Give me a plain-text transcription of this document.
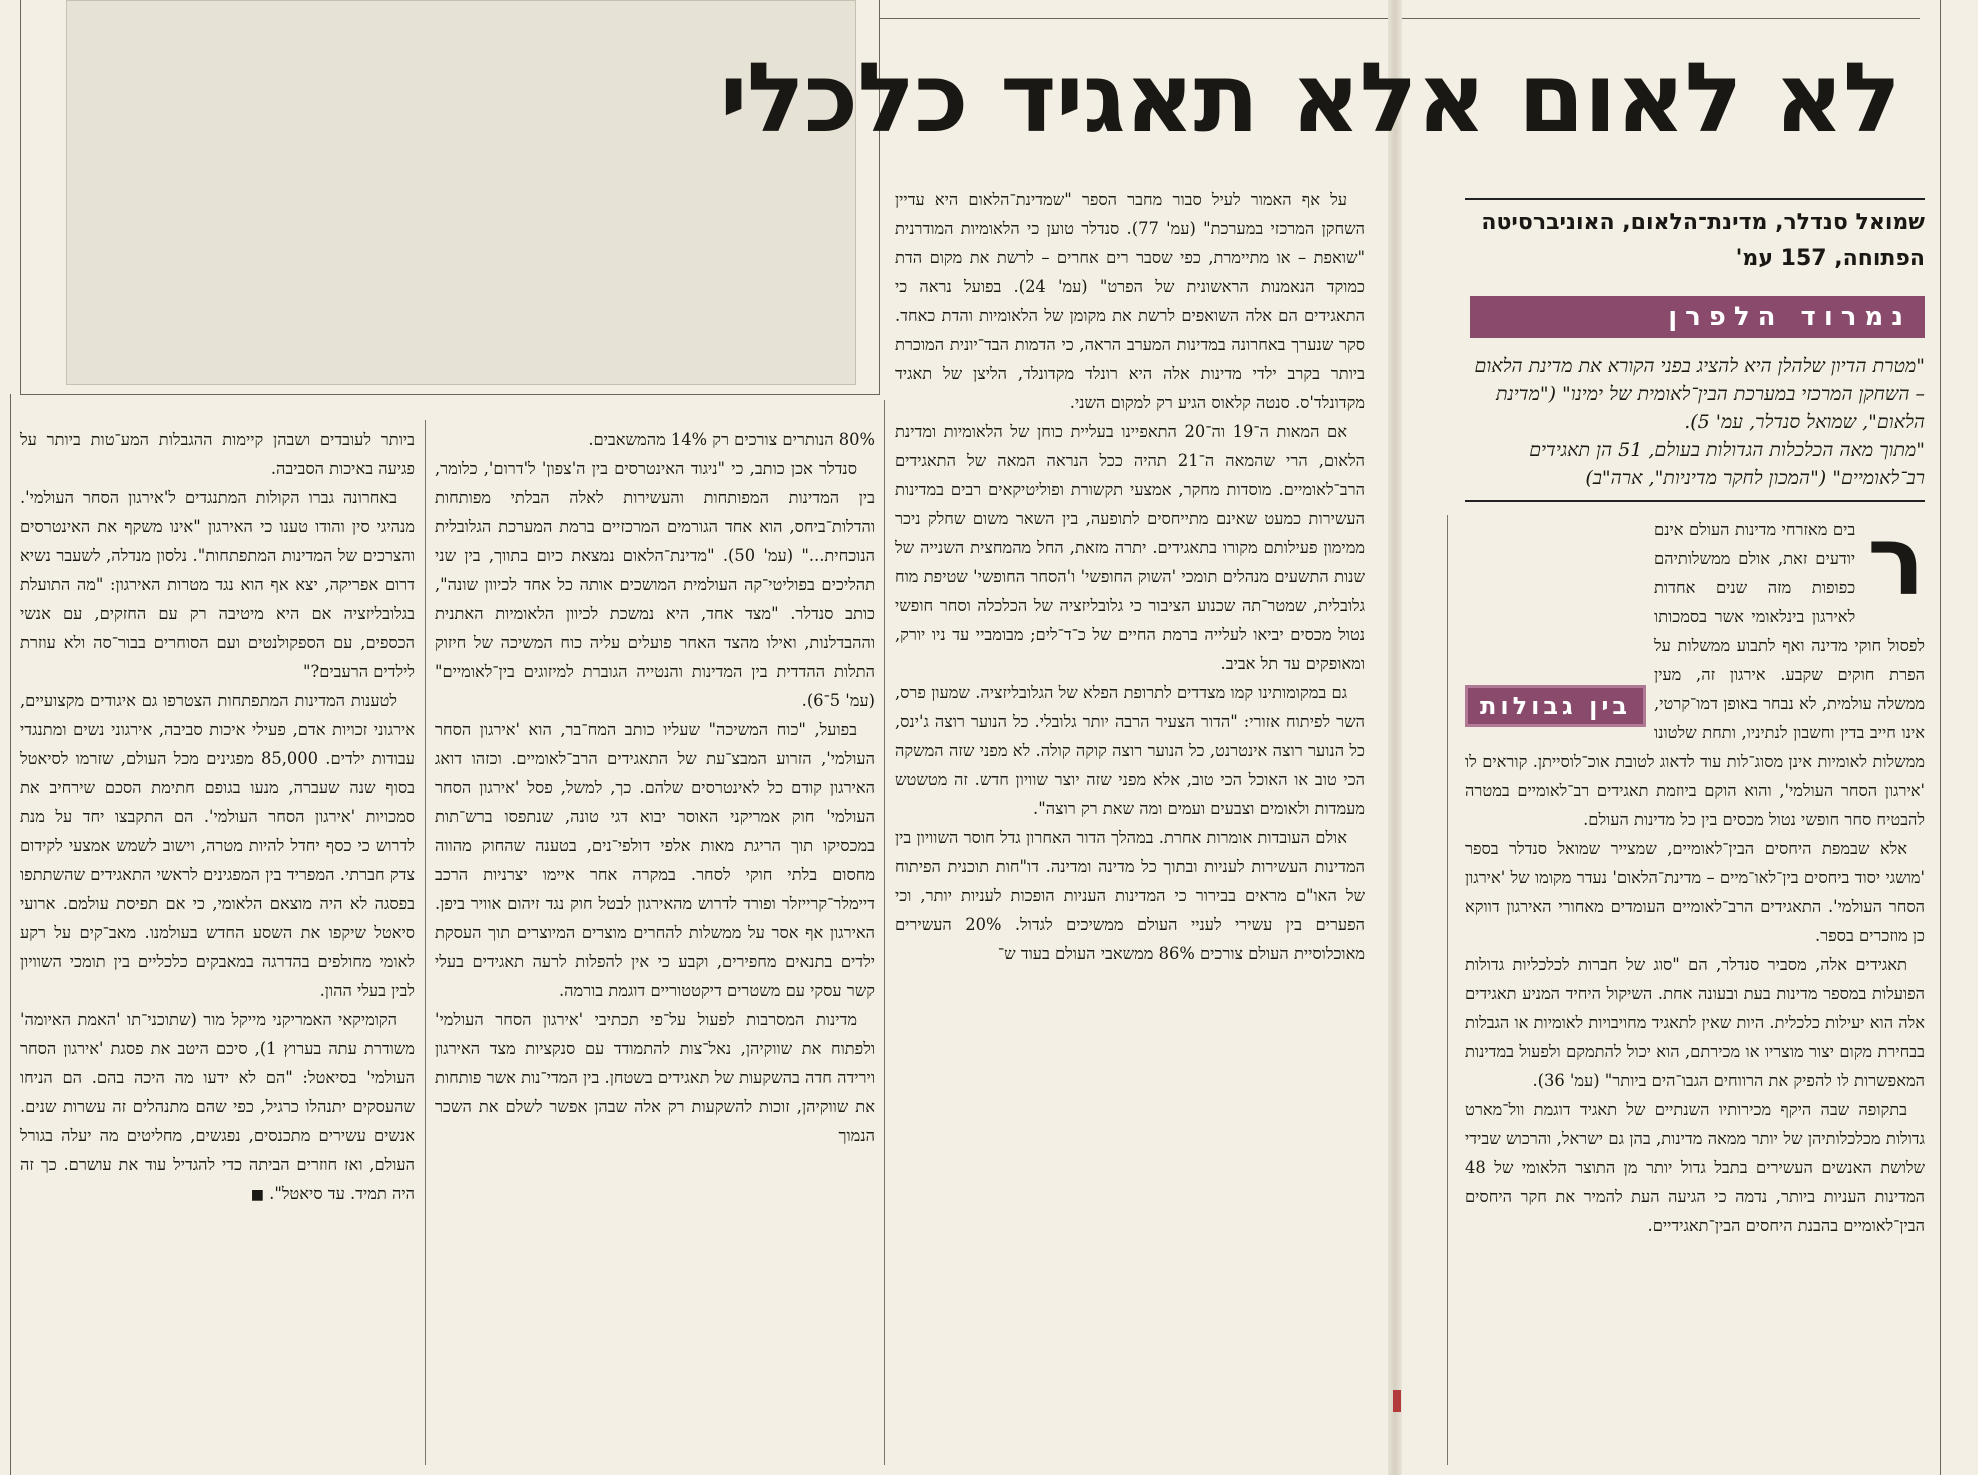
לא לאום אלא תאגיד כלכלי
שמואל סנדלר, מדינת־הלאום, האוניברסיטה
הפתוחה, 157 עמ'
נמרוד הלפרן
"מטרת הדיון שלהלן היא להציג בפני הקורא את מדינת הלאום – השחקן המרכזי במערכת הבין־לאומית של ימינו" ("מדינת הלאום", שמואל סנדלר, עמ' 5).
"מתוך מאה הכלכלות הגדולות בעולם, 51 הן תאגידים רב־לאומיים" ("המכון לחקר מדיניות", ארה"ב)

ר
בין גבולות
בים מאזרחי מדינות העולם אינם יודעים זאת, אולם ממשלותיהם כפופות מזה שנים אחדות לאירגון בינלאומי אשר בסמכותו לפסול חוקי מדינה ואף לתבוע ממשלות על הפרת חוקים שקבע. אירגון זה, מעין ממשלה עולמית, לא נבחר באופן דמו־קרטי, אינו חייב בדין וחשבון לנתיניו, ותחת שלטונו ממשלות לאומיות אינן מסוג־לות עוד לדאוג לטובת אוכ־לוסייתן. קוראים לו 'אירגון הסחר העולמי', והוא הוקם ביוזמת תאגידים רב־לאומיים במטרה להבטיח סחר חופשי נטול מכסים בין כל מדינות העולם.

אלא שבמפת היחסים הבין־לאומיים, שמצייר שמואל סנדלר בספר 'מושגי יסוד ביחסים בין־לאו־מיים – מדינת־הלאום' נעדר מקומו של 'אירגון הסחר העולמי'. התאגידים הרב־לאומיים העומדים מאחורי האירגון דווקא כן מוזכרים בספר.

תאגידים אלה, מסביר סנדלר, הם "סוג של חברות לכלכליות גדולות הפועלות במספר מדינות בעת ובעונה אחת. השיקול היחיד המניע תאגידים אלה הוא יעילות כלכלית. היות שאין לתאגיד מחויבויות לאומיות או הגבלות בבחירת מקום יצור מוצריו או מכירתם, הוא יכול להתמקם ולפעול במדינות המאפשרות לו להפיק את הרווחים הגבו־הים ביותר" (עמ' 36).

בתקופה שבה היקף מכירותיו השנתיים של תאגיד דוגמת וול־מארט גדולות מכלכלותיהן של יותר ממאה מדינות, בהן גם ישראל, והרכוש שבידי שלושת האנשים העשירים בתבל גדול יותר מן התוצר הלאומי של 48 המדינות העניות ביותר, נדמה כי הגיעה העת להמיר את חקר היחסים הבין־לאומיים בהבנת היחסים הבין־תאגידיים.

על אף האמור לעיל סבור מחבר הספר "שמדינת־הלאום היא עדיין השחקן המרכזי במערכת" (עמ' 77). סנדלר טוען כי הלאומיות המודרנית "שואפת – או מתיימרת, כפי שסבר רים אחרים – לרשת את מקום הדת כמוקד הנאמנות הראשונית של הפרט" (עמ' 24). בפועל נראה כי התאגידים הם אלה השואפים לרשת את מקומן של הלאומיות והדת כאחד. סקר שנערך באחרונה במדינות המערב הראה, כי הדמות הבד־יונית המוכרת ביותר בקרב ילדי מדינות אלה היא רונלד מקדונלד, הליצן של תאגיד מקדונלד'ס. סנטה קלאוס הגיע רק למקום השני.

אם המאות ה־19 וה־20 התאפיינו בעליית כוחן של הלאומיות ומדינת הלאום, הרי שהמאה ה־21 תהיה ככל הנראה המאה של התאגידים הרב־לאומיים. מוסדות מחקר, אמצעי תקשורת ופוליטיקאים רבים במדינות העשירות כמעט שאינם מתייחסים לתופעה, בין השאר משום שחלק ניכר ממימון פעילותם מקורו בתאגידים. יתרה מזאת, החל מהמחצית השנייה של שנות התשעים מנהלים תומכי 'השוק החופשי' ו'הסחר החופשי' שטיפת מוח גלובלית, שמטר־תה שכנוע הציבור כי גלובליזציה של הכלכלה וסחר חופשי נטול מכסים יביאו לעלייה ברמת החיים של כ־ד־לים; מבומביי עד ניו יורק, ומאופקים עד תל אביב.

גם במקומותינו קמו מצדדים לתרופת הפלא של הגלובליזציה. שמעון פרס, השר לפיתוח אזורי: "הדור הצעיר הרבה יותר גלובלי. כל הנוער רוצה ג'ינס, כל הנוער רוצה אינטרנט, כל הנוער רוצה קוקה קולה. לא מפני שזה המשקה הכי טוב או האוכל הכי טוב, אלא מפני שזה יוצר שוויון חדש. זה מטשטש מעמדות ולאומים וצבעים ועמים ומה שאת רק רוצה".

אולם העובדות אומרות אחרת. במהלך הדור האחרון גדל חוסר השוויון בין המדינות העשירות לעניות ובתוך כל מדינה ומדינה. דו"חות תוכנית הפיתוח של האו"ם מראים בבירור כי המדינות העניות הופכות לעניות יותר, וכי הפערים בין עשירי לעניי העולם ממשיכים לגדול. 20% העשירים מאוכלוסיית העולם צורכים 86% ממשאבי העולם בעוד ש־

80% הנותרים צורכים רק 14% מהמשאבים.

סנדלר אכן כותב, כי "ניגוד האינטרסים בין ה'צפון' ל'דרום', כלומר, בין המדינות המפותחות והעשירות לאלה הבלתי מפותחות והדלות־ביחס, הוא אחד הגורמים המרכזיים ברמת המערכת הגלובלית הנוכחית..." (עמ' 50). "מדינת־הלאום נמצאת כיום בתווך, בין שני תהליכים בפוליטי־קה העולמית המושכים אותה כל אחד לכיוון שונה", כותב סנדלר. "מצד אחד, היא נמשכת לכיוון הלאומיות האתנית וההבדלנות, ואילו מהצד האחר פועלים עליה כוח המשיכה של חיזוק התלות ההדדית בין המדינות והנטייה הגוברת למיזוגים בין־לאומיים" (עמ' 5־6).

בפועל, "כוח המשיכה" שעליו כותב המח־בר, הוא 'אירגון הסחר העולמי', הזרוע המבצ־עת של התאגידים הרב־לאומיים. וכזהו דואג האירגון קודם כל לאינטרסים שלהם. כך, למשל, פסל 'אירגון הסחר העולמי' חוק אמריקני האוסר יבוא דגי טונה, שנתפסו ברש־תות במכסיקו תוך הריגת מאות אלפי דולפי־נים, בטענה שהחוק מהווה מחסום בלתי חוקי לסחר. במקרה אחר איימו יצרניות הרכב דיימלר־קרייזלר ופורד לדרוש מהאירגון לבטל חוק נגד זיהום אוויר ביפן. האירגון אף אסר על ממשלות להחרים מוצרים המיוצרים תוך העסקת ילדים בתנאים מחפירים, וקבע כי אין להפלות לרעה תאגידים בעלי קשר עסקי עם משטרים דיקטטוריים דוגמת בורמה.

מדינות המסרבות לפעול על־פי תכתיבי 'אירגון הסחר העולמי' ולפתוח את שווקיהן, נאל־צות להתמודד עם סנקציות מצד האירגון וירידה חדה בהשקעות של תאגידים בשטחן. בין המדי־נות אשר פותחות את שווקיהן, זוכות להשקעות רק אלה שבהן אפשר לשלם את השכר הנמוך

ביותר לעובדים ושבהן קיימות ההגבלות המע־טות ביותר על פגיעה באיכות הסביבה.

באחרונה גברו הקולות המתנגדים ל'אירגון הסחר העולמי'. מנהיגי סין והודו טענו כי האירגון "אינו משקף את האינטרסים והצרכים של המדינות המתפתחות". נלסון מנדלה, לשעבר נשיא דרום אפריקה, יצא אף הוא נגד מטרות האירגון: "מה התועלת בגלובליזציה אם היא מיטיבה רק עם החזקים, עם אנשי הכספים, עם הספקולנטים ועם הסוחרים בבור־סה ולא עוזרת לילדים הרעבים?"

לטענות המדינות המתפתחות הצטרפו גם איגודים מקצועיים, אירגוני זכויות אדם, פעילי איכות סביבה, אירגוני נשים ומתנגדי עבודות ילדים. 85,000 מפגינים מכל העולם, שזרמו לסיאטל בסוף שנה שעברה, מנעו בגופם חתימת הסכם שירחיב את סמכויות 'אירגון הסחר העולמי'. הם התקבצו יחד על מנת לדרוש כי כסף יחדל להיות מטרה, וישוב לשמש אמצעי לקידום צדק חברתי. המפריד בין המפגינים לראשי התאגידים שהשתתפו בפסגה לא היה מוצאם הלאומי, כי אם תפיסת עולמם. ארועי סיאטל שיקפו את השסע החדש בעולמנו. מאב־קים על רקע לאומי מחולפים בהדרגה במאבקים כלכליים בין תומכי השוויון לבין בעלי ההון.

הקומיקאי האמריקני מייקל מור (שתוכני־תו 'האמת האיומה' משודרת עתה בערוץ 1), סיכם היטב את פסגת 'אירגון הסחר העולמי' בסיאטל: "הם לא ידעו מה היכה בהם. הם הניחו שהעסקים יתנהלו כרגיל, כפי שהם מתנהלים זה עשרות שנים. אנשים עשירים מתכנסים, נפגשים, מחליטים מה יעלה בגורל העולם, ואז חוזרים הביתה כדי להגדיל עוד את עושרם. כך זה היה תמיד. עד סיאטל". ■
